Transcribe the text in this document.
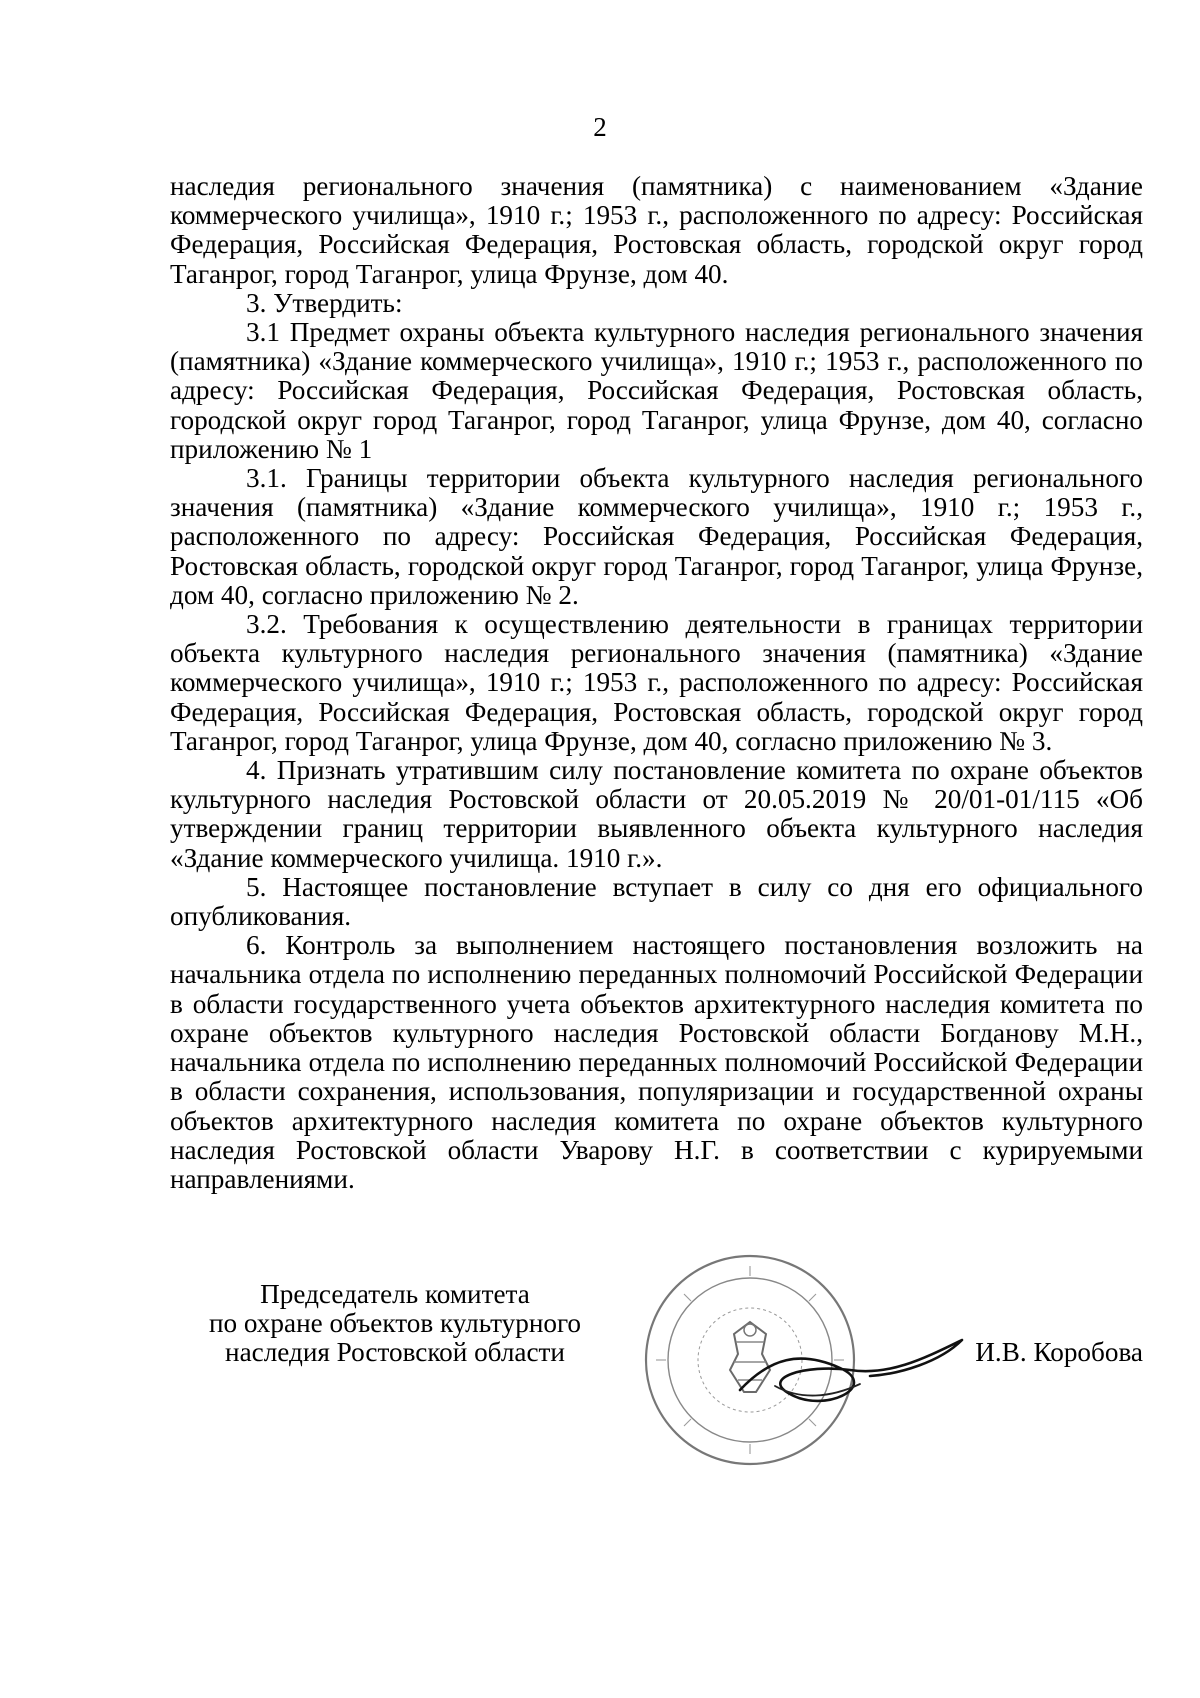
2

наследия регионального значения (памятника) с наименованием «Здание коммерческого училища», 1910 г.; 1953 г., расположенного по адресу: Российская Федерация, Российская Федерация, Ростовская область, городской округ город Таганрог, город Таганрог, улица Фрунзе, дом 40.

3. Утвердить:

3.1 Предмет охраны объекта культурного наследия регионального значения (памятника) «Здание коммерческого училища», 1910 г.; 1953 г., расположенного по адресу: Российская Федерация, Российская Федерация, Ростовская область, городской округ город Таганрог, город Таганрог, улица Фрунзе, дом 40, согласно приложению № 1

3.1. Границы территории объекта культурного наследия регионального значения (памятника) «Здание коммерческого училища», 1910 г.; 1953 г., расположенного по адресу: Российская Федерация, Российская Федерация, Ростовская область, городской округ город Таганрог, город Таганрог, улица Фрунзе, дом 40, согласно приложению № 2.

3.2. Требования к осуществлению деятельности в границах территории объекта культурного наследия регионального значения (памятника) «Здание коммерческого училища», 1910 г.; 1953 г., расположенного по адресу: Российская Федерация, Российская Федерация, Ростовская область, городской округ город Таганрог, город Таганрог, улица Фрунзе, дом 40, согласно приложению № 3.

4. Признать утратившим силу постановление комитета по охране объектов культурного наследия Ростовской области от 20.05.2019 № 20/01-01/115 «Об утверждении границ территории выявленного объекта культурного наследия «Здание коммерческого училища. 1910 г.».

5. Настоящее постановление вступает в силу со дня его официального опубликования.

6. Контроль за выполнением настоящего постановления возложить на начальника отдела по исполнению переданных полномочий Российской Федерации в области государственного учета объектов архитектурного наследия комитета по охране объектов культурного наследия Ростовской области Богданову М.Н., начальника отдела по исполнению переданных полномочий Российской Федерации в области сохранения, использования, популяризации и государственной охраны объектов архитектурного наследия комитета по охране объектов культурного наследия Ростовской области Уварову Н.Г. в соответствии с курируемыми направлениями.

Председатель комитета
по охране объектов культурного
наследия Ростовской области	И.В. Коробова
